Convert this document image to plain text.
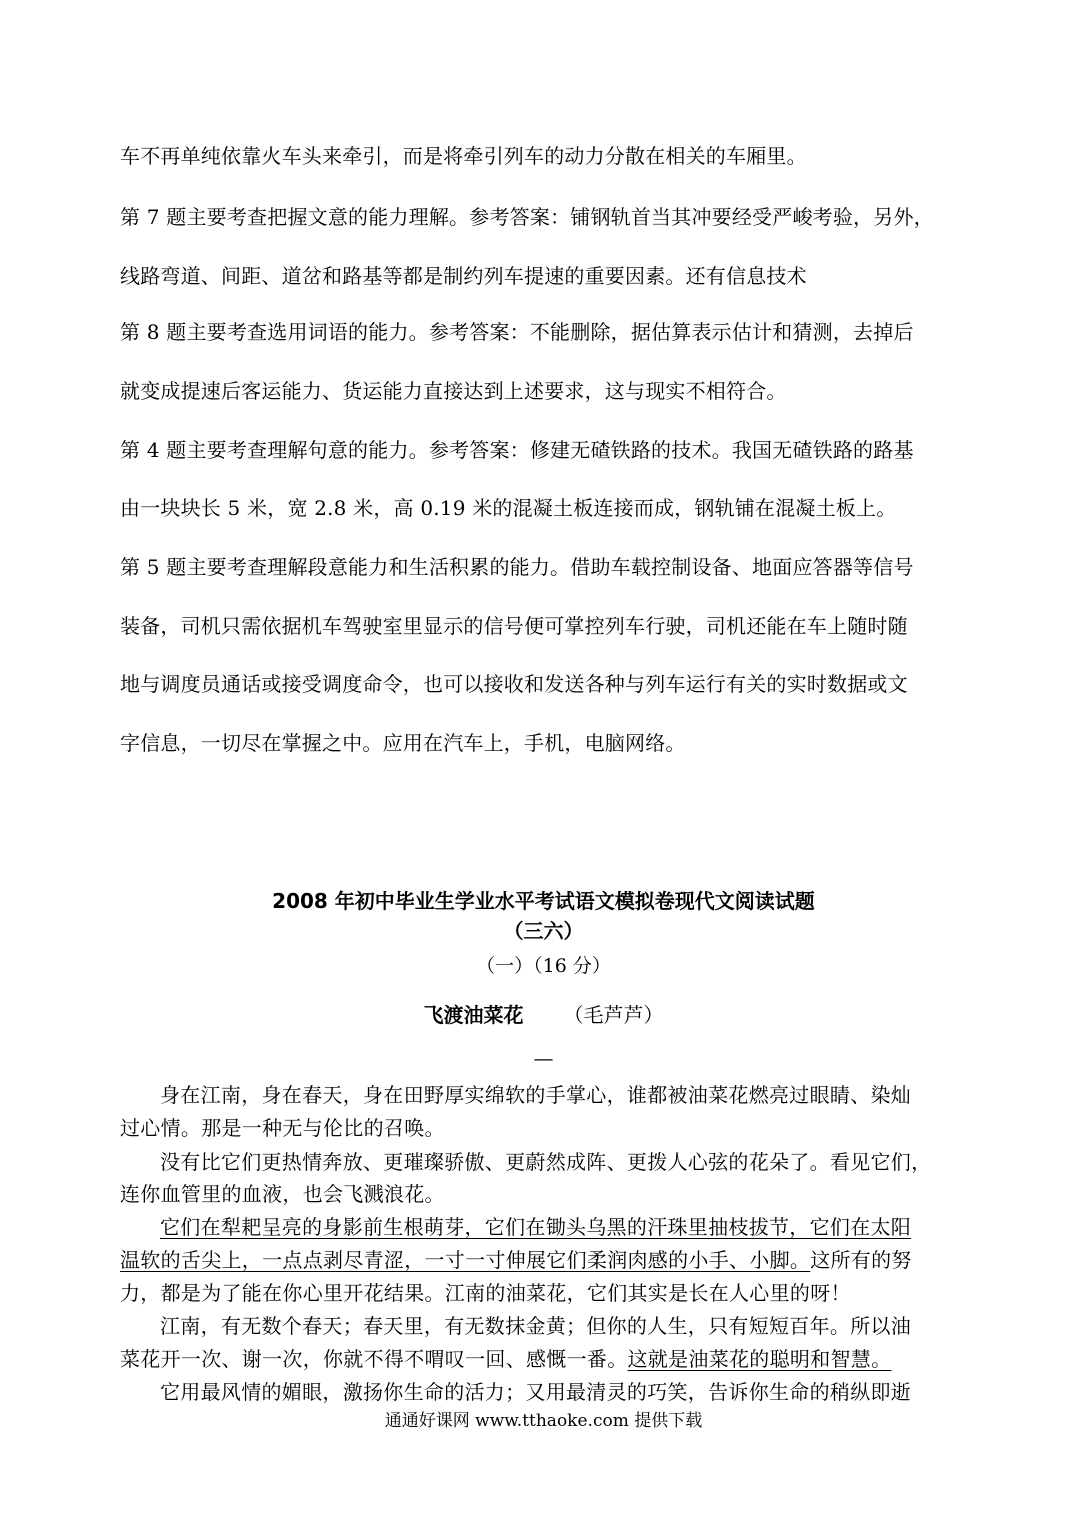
车不再单纯依靠火车头来牵引，而是将牵引列车的动力分散在相关的车厢里。
第 7 题主要考查把握文意的能力理解。参考答案：铺钢轨首当其冲要经受严峻考验，另外，
线路弯道、间距、道岔和路基等都是制约列车提速的重要因素。还有信息技术
第 8 题主要考查选用词语的能力。参考答案：不能删除，据估算表示估计和猜测，去掉后
就变成提速后客运能力、货运能力直接达到上述要求，这与现实不相符合。
第 4 题主要考查理解句意的能力。参考答案：修建无碴铁路的技术。我国无碴铁路的路基
由一块块长 5 米，宽 2.8 米，高 0.19 米的混凝土板连接而成，钢轨铺在混凝土板上。
第 5 题主要考查理解段意能力和生活积累的能力。借助车载控制设备、地面应答器等信号
装备，司机只需依据机车驾驶室里显示的信号便可掌控列车行驶，司机还能在车上随时随
地与调度员通话或接受调度命令，也可以接收和发送各种与列车运行有关的实时数据或文
字信息，一切尽在掌握之中。应用在汽车上，手机，电脑网络。
2008 年初中毕业生学业水平考试语文模拟卷现代文阅读试题
（三六）
（一）（16 分）
飞渡油菜花 （毛芦芦）
—
身在江南，身在春天，身在田野厚实绵软的手掌心，谁都被油菜花燃亮过眼睛、染灿
过心情。那是一种无与伦比的召唤。
没有比它们更热情奔放、更璀璨骄傲、更蔚然成阵、更拨人心弦的花朵了。看见它们，
连你血管里的血液，也会飞溅浪花。
它们在犁耙呈亮的身影前生根萌芽，它们在锄头乌黑的汗珠里抽枝拔节，它们在太阳
温软的舌尖上，一点点剥尽青涩，一寸一寸伸展它们柔润肉感的小手、小脚。这所有的努
力，都是为了能在你心里开花结果。江南的油菜花，它们其实是长在人心里的呀！
江南，有无数个春天；春天里，有无数抹金黄；但你的人生，只有短短百年。所以油
菜花开一次、谢一次，你就不得不喟叹一回、感慨一番。这就是油菜花的聪明和智慧。
它用最风情的媚眼，激扬你生命的活力；又用最清灵的巧笑，告诉你生命的稍纵即逝
通通好课网 www.tthaoke.com 提供下载
